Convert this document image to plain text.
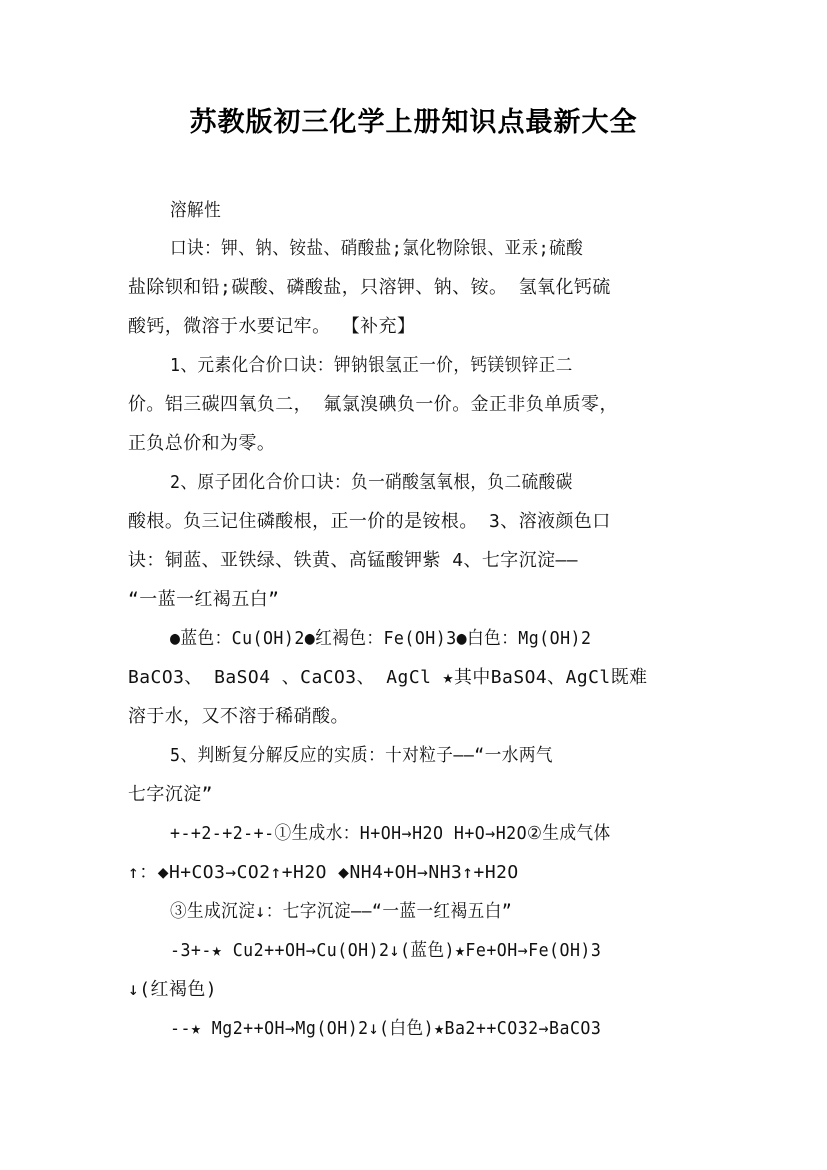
苏教版初三化学上册知识点最新大全
溶解性
口诀：钾、钠、铵盐、硝酸盐;氯化物除银、亚汞;硫酸
盐除钡和铅;碳酸、磷酸盐，只溶钾、钠、铵。 氢氧化钙硫
酸钙，微溶于水要记牢。 【补充】
1、元素化合价口诀：钾钠银氢正一价，钙镁钡锌正二
价。铝三碳四氧负二， 氟氯溴碘负一价。金正非负单质零，
正负总价和为零。
2、原子团化合价口诀：负一硝酸氢氧根，负二硫酸碳
酸根。负三记住磷酸根，正一价的是铵根。 3、溶液颜色口
诀：铜蓝、亚铁绿、铁黄、高锰酸钾紫 4、七字沉淀——
“一蓝一红褐五白”
●蓝色：Cu(OH)2●红褐色：Fe(OH)3●白色：Mg(OH)2
BaCO3、 BaSO4 、CaCO3、 AgCl ★其中BaSO4、AgCl既难
溶于水，又不溶于稀硝酸。
5、判断复分解反应的实质：十对粒子——“一水两气
七字沉淀”
+-+2-+2-+-①生成水：H+OH→H2O H+O→H2O②生成气体
↑：◆H+CO3→CO2↑+H2O ◆NH4+OH→NH3↑+H2O
③生成沉淀↓：七字沉淀——“一蓝一红褐五白”
-3+-★ Cu2++OH→Cu(OH)2↓(蓝色)★Fe+OH→Fe(OH)3
↓(红褐色)
--★ Mg2++OH→Mg(OH)2↓(白色)★Ba2++CO32→BaCO3
